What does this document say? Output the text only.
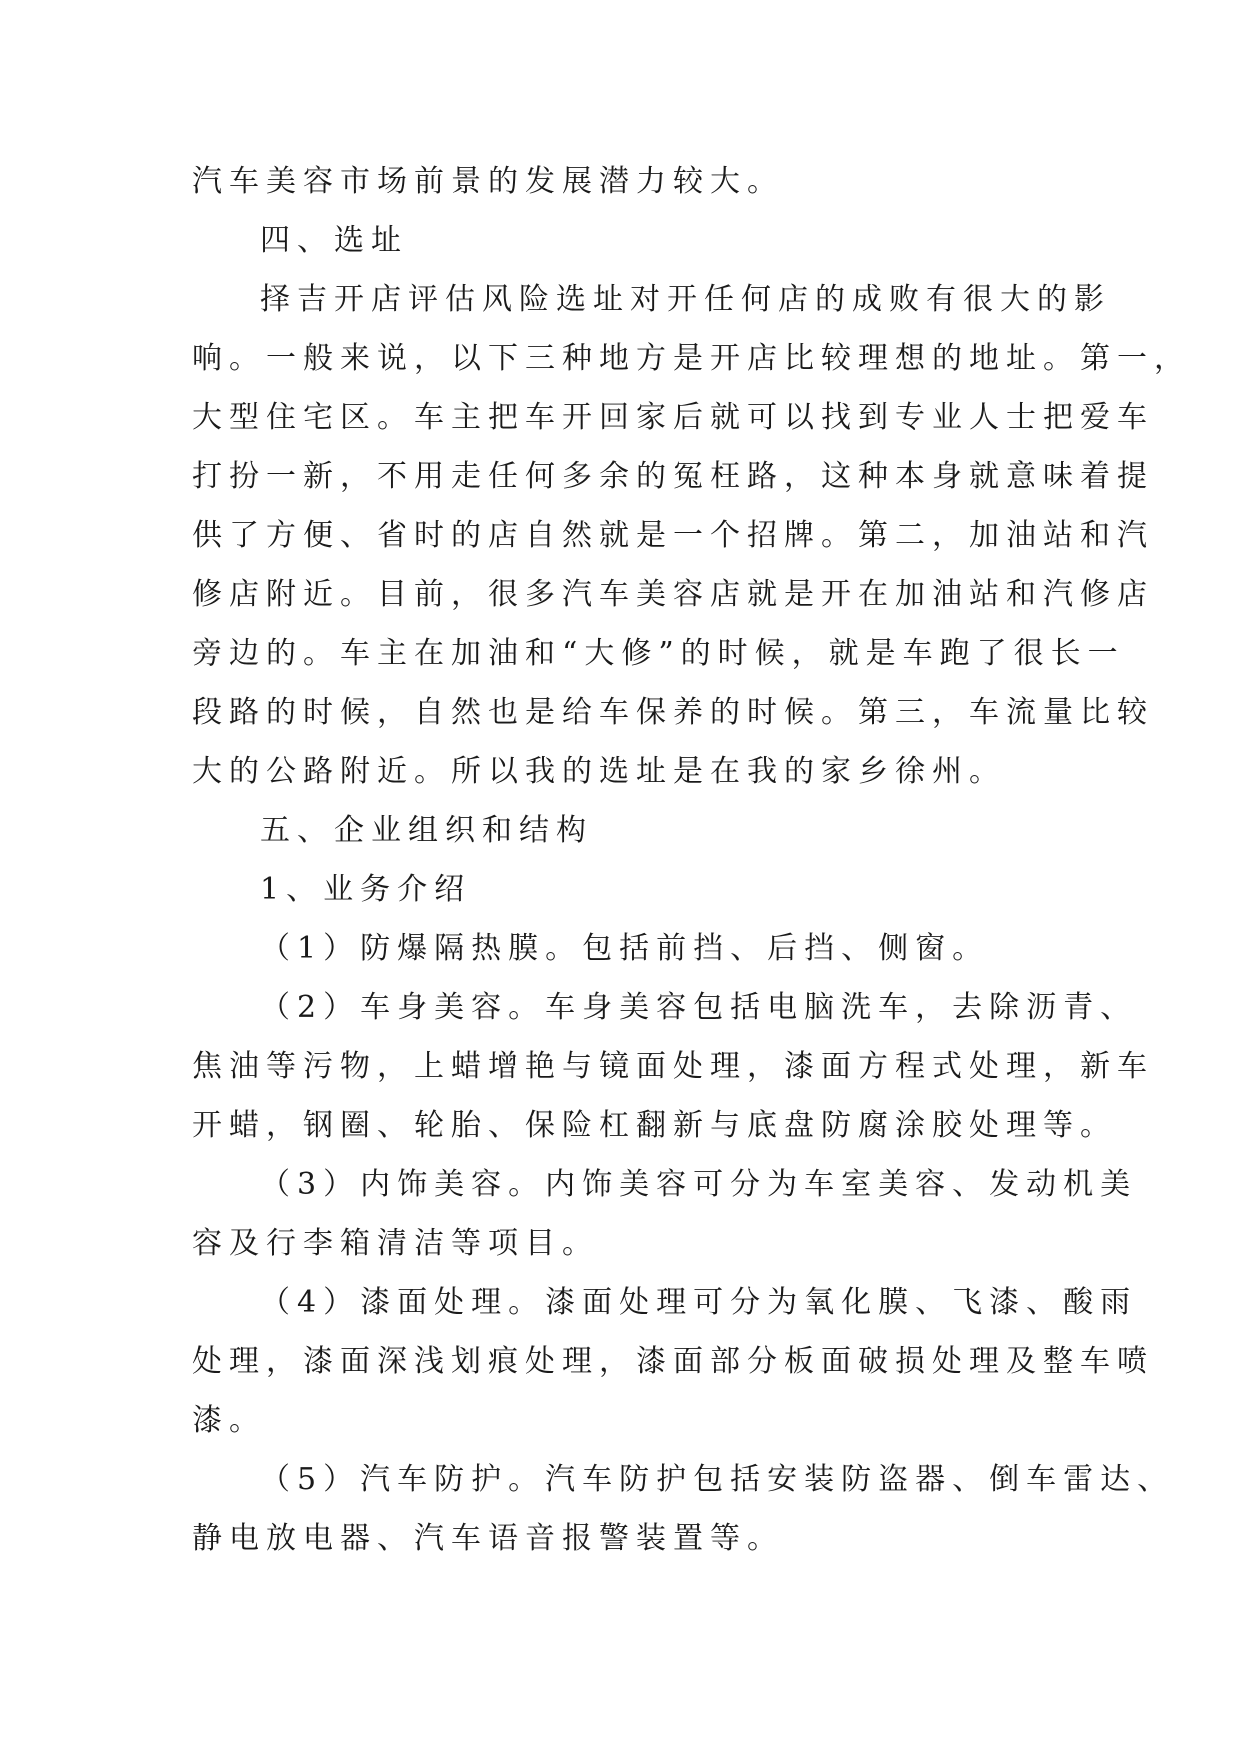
汽车美容市场前景的发展潜力较大。
四、选址
择吉开店评估风险选址对开任何店的成败有很大的影
响。一般来说，以下三种地方是开店比较理想的地址。第一，
大型住宅区。车主把车开回家后就可以找到专业人士把爱车
打扮一新，不用走任何多余的冤枉路，这种本身就意味着提
供了方便、省时的店自然就是一个招牌。第二，加油站和汽
修店附近。目前，很多汽车美容店就是开在加油站和汽修店
旁边的。车主在加油和“大修”的时候，就是车跑了很长一
段路的时候，自然也是给车保养的时候。第三，车流量比较
大的公路附近。所以我的选址是在我的家乡徐州。
五、企业组织和结构
1、业务介绍
（1）防爆隔热膜。包括前挡、后挡、侧窗。
（2）车身美容。车身美容包括电脑洗车，去除沥青、
焦油等污物，上蜡增艳与镜面处理，漆面方程式处理，新车
开蜡，钢圈、轮胎、保险杠翻新与底盘防腐涂胶处理等。
（3）内饰美容。内饰美容可分为车室美容、发动机美
容及行李箱清洁等项目。
（4）漆面处理。漆面处理可分为氧化膜、飞漆、酸雨
处理，漆面深浅划痕处理，漆面部分板面破损处理及整车喷
漆。
（5）汽车防护。汽车防护包括安装防盗器、倒车雷达、
静电放电器、汽车语音报警装置等。
